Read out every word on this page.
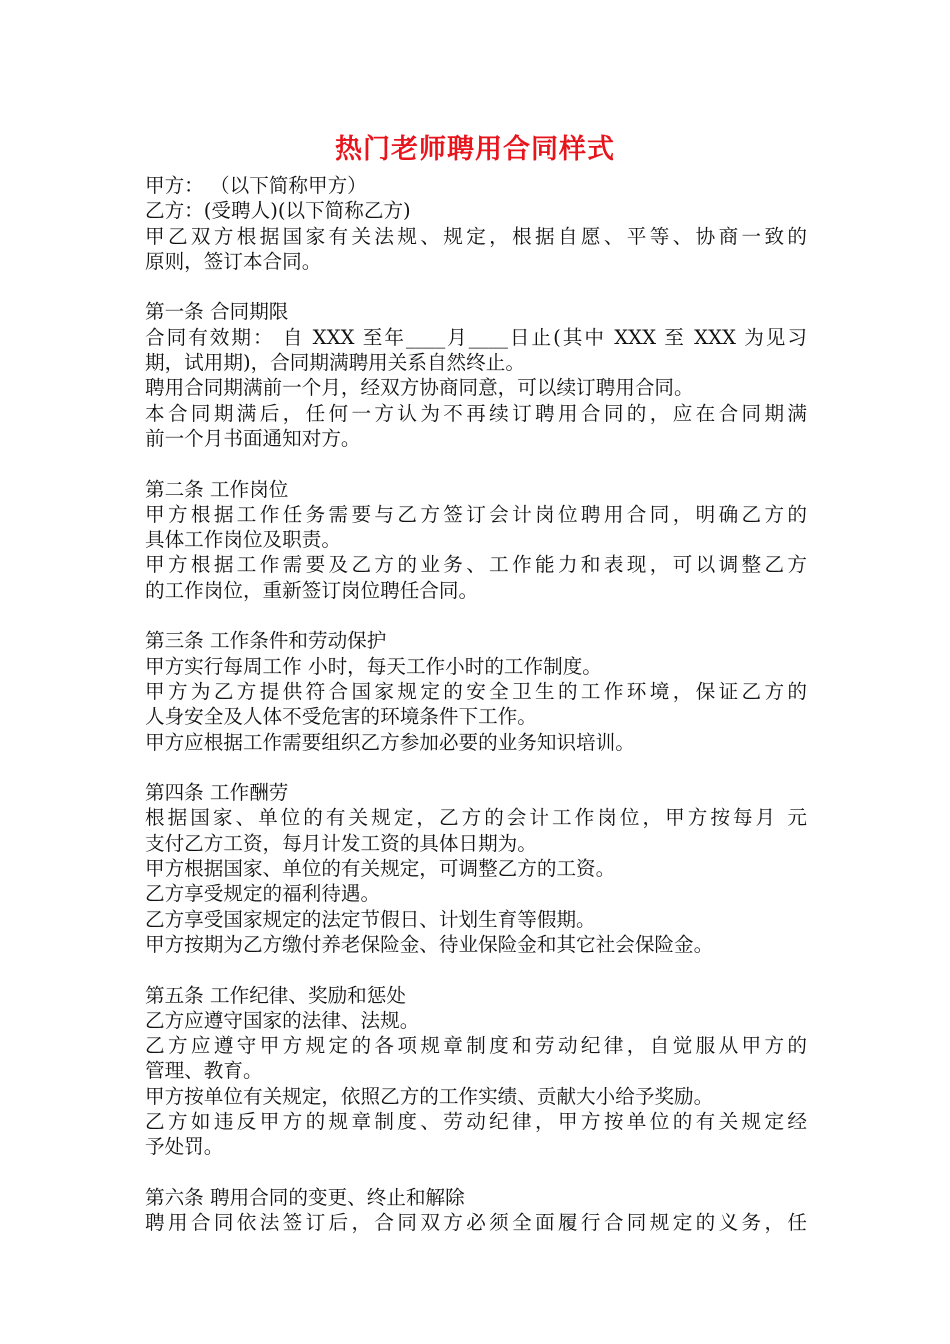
热门老师聘用合同样式
甲方： （以下简称甲方）
乙方：(受聘人)(以下简称乙方)
甲乙双方根据国家有关法规、规定，根据自愿、平等、协商一致的
原则，签订本合同。
第一条 合同期限
合同有效期： 自 XXX 至年____月____日止(其中 XXX 至 XXX 为见习
期，试用期)，合同期满聘用关系自然终止。
聘用合同期满前一个月，经双方协商同意，可以续订聘用合同。
本合同期满后，任何一方认为不再续订聘用合同的，应在合同期满
前一个月书面通知对方。
第二条 工作岗位
甲方根据工作任务需要与乙方签订会计岗位聘用合同，明确乙方的
具体工作岗位及职责。
甲方根据工作需要及乙方的业务、工作能力和表现，可以调整乙方
的工作岗位，重新签订岗位聘任合同。
第三条 工作条件和劳动保护
甲方实行每周工作 小时，每天工作小时的工作制度。
甲方为乙方提供符合国家规定的安全卫生的工作环境，保证乙方的
人身安全及人体不受危害的环境条件下工作。
甲方应根据工作需要组织乙方参加必要的业务知识培训。
第四条 工作酬劳
根据国家、单位的有关规定，乙方的会计工作岗位，甲方按每月 元
支付乙方工资，每月计发工资的具体日期为。
甲方根据国家、单位的有关规定，可调整乙方的工资。
乙方享受规定的福利待遇。
乙方享受国家规定的法定节假日、计划生育等假期。
甲方按期为乙方缴付养老保险金、待业保险金和其它社会保险金。
第五条 工作纪律、奖励和惩处
乙方应遵守国家的法律、法规。
乙方应遵守甲方规定的各项规章制度和劳动纪律，自觉服从甲方的
管理、教育。
甲方按单位有关规定，依照乙方的工作实绩、贡献大小给予奖励。
乙方如违反甲方的规章制度、劳动纪律，甲方按单位的有关规定经
予处罚。
第六条 聘用合同的变更、终止和解除
聘用合同依法签订后，合同双方必须全面履行合同规定的义务，任
